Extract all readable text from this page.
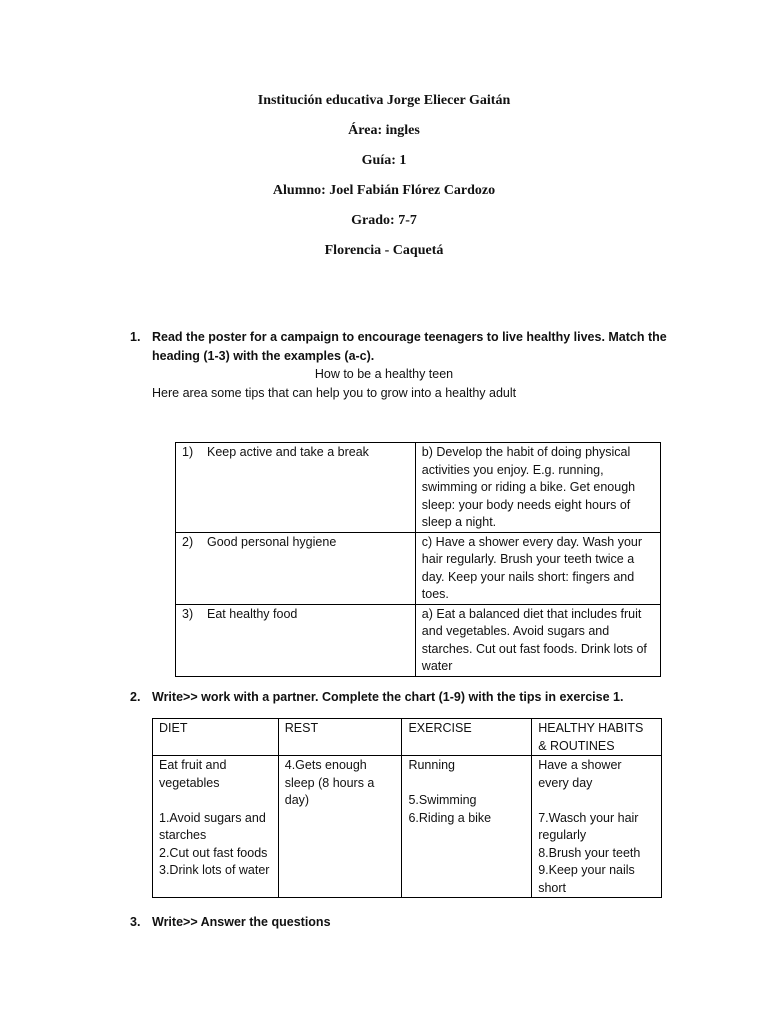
Institución educativa Jorge Eliecer Gaitán
Área: ingles
Guía: 1
Alumno: Joel Fabián Flórez Cardozo
Grado: 7-7
Florencia - Caquetá
1. Read the poster for a campaign to encourage teenagers to live healthy lives. Match the heading (1-3) with the examples (a-c).
How to be a healthy teen
Here area some tips that can help you to grow into a healthy adult
1)    Keep active and take a break	b) Develop the habit of doing physical activities you enjoy. E.g. running, swimming or riding a bike. Get enough sleep: your body needs eight hours of sleep a night.
2)    Good personal hygiene	c) Have a shower every day. Wash your hair regularly. Brush your teeth twice a day. Keep your nails short: fingers and toes.
3)    Eat healthy food	a) Eat a balanced diet that includes fruit and vegetables. Avoid sugars and starches. Cut out fast foods. Drink lots of water
2. Write>> work with a partner. Complete the chart (1-9) with the tips in exercise 1.
DIET	REST	EXERCISE	HEALTHY HABITS & ROUTINES
Eat fruit and vegetables

1.Avoid sugars and starches
2.Cut out fast foods
3.Drink lots of water	4.Gets enough sleep (8 hours a day)	Running

5.Swimming
6.Riding a bike	Have a shower every day

7.Wasch your hair regularly
8.Brush your teeth
9.Keep your nails short
3. Write>> Answer the questions
